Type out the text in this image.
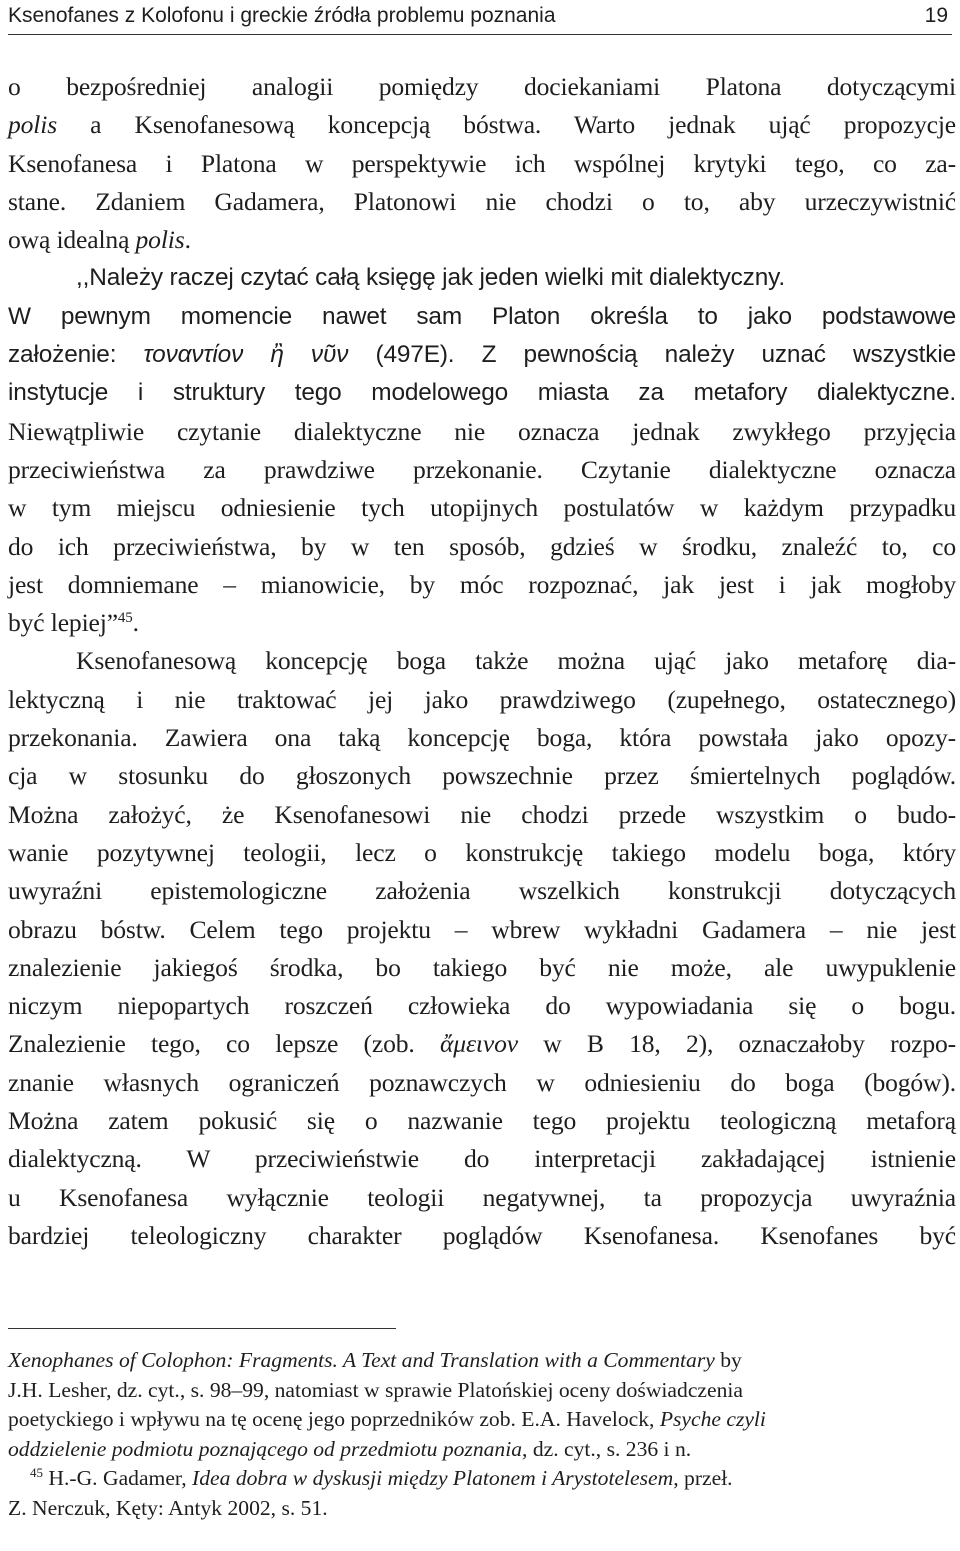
Ksenofanes z Kolofonu i greckie źródła problemu poznania	19
o bezpośredniej analogii pomiędzy dociekaniami Platona dotyczącymi
polis a Ksenofanesową koncepcją bóstwa. Warto jednak ująć propozycje
Ksenofanesa i Platona w perspektywie ich wspólnej krytyki tego, co za-
stane. Zdaniem Gadamera, Platonowi nie chodzi o to, aby urzeczywistnić
ową idealną polis.
,,Należy raczej czytać całą księgę jak jeden wielki mit dialektyczny.
W pewnym momencie nawet sam Platon określa to jako podstawowe
założenie: τοναντίον ἢ νῦν (497E). Z pewnością należy uznać wszystkie
instytucje i struktury tego modelowego miasta za metafory dialektyczne.
Niewątpliwie czytanie dialektyczne nie oznacza jednak zwykłego przyjęcia
przeciwieństwa za prawdziwe przekonanie. Czytanie dialektyczne oznacza
w tym miejscu odniesienie tych utopijnych postulatów w każdym przypadku
do ich przeciwieństwa, by w ten sposób, gdzieś w środku, znaleźć to, co
jest domniemane – mianowicie, by móc rozpoznać, jak jest i jak mogłoby
być lepiej”$^{45}$.
Ksenofanesową koncepcję boga także można ująć jako metaforę dia-
lektyczną i nie traktować jej jako prawdziwego (zupełnego, ostatecznego)
przekonania. Zawiera ona taką koncepcję boga, która powstała jako opozy-
cja w stosunku do głoszonych powszechnie przez śmiertelnych poglądów.
Można założyć, że Ksenofanesowi nie chodzi przede wszystkim o budo-
wanie pozytywnej teologii, lecz o konstrukcję takiego modelu boga, który
uwyraźni epistemologiczne założenia wszelkich konstrukcji dotyczących
obrazu bóstw. Celem tego projektu – wbrew wykładni Gadamera – nie jest
znalezienie jakiegoś środka, bo takiego być nie może, ale uwypuklenie
niczym niepopartych roszczeń człowieka do wypowiadania się o bogu.
Znalezienie tego, co lepsze (zob. ἄμεινον w B 18, 2), oznaczałoby rozpo-
znanie własnych ograniczeń poznawczych w odniesieniu do boga (bogów).
Można zatem pokusić się o nazwanie tego projektu teologiczną metaforą
dialektyczną. W przeciwieństwie do interpretacji zakładającej istnienie
u Ksenofanesa wyłącznie teologii negatywnej, ta propozycja uwyraźnia
bardziej teleologiczny charakter poglądów Ksenofanesa. Ksenofanes być
Xenophanes of Colophon: Fragments. A Text and Translation with a Commentary by
J.H. Lesher, dz. cyt., s. 98–99, natomiast w sprawie Platońskiej oceny doświadczenia
poetyckiego i wpływu na tę ocenę jego poprzedników zob. E.A. Havelock, Psyche czyli
oddzielenie podmiotu poznającego od przedmiotu poznania, dz. cyt., s. 236 i n.
$^{45}$ H.-G. Gadamer, Idea dobra w dyskusji między Platonem i Arystotelesem, przeł.
Z. Nerczuk, Kęty: Antyk 2002, s. 51.
